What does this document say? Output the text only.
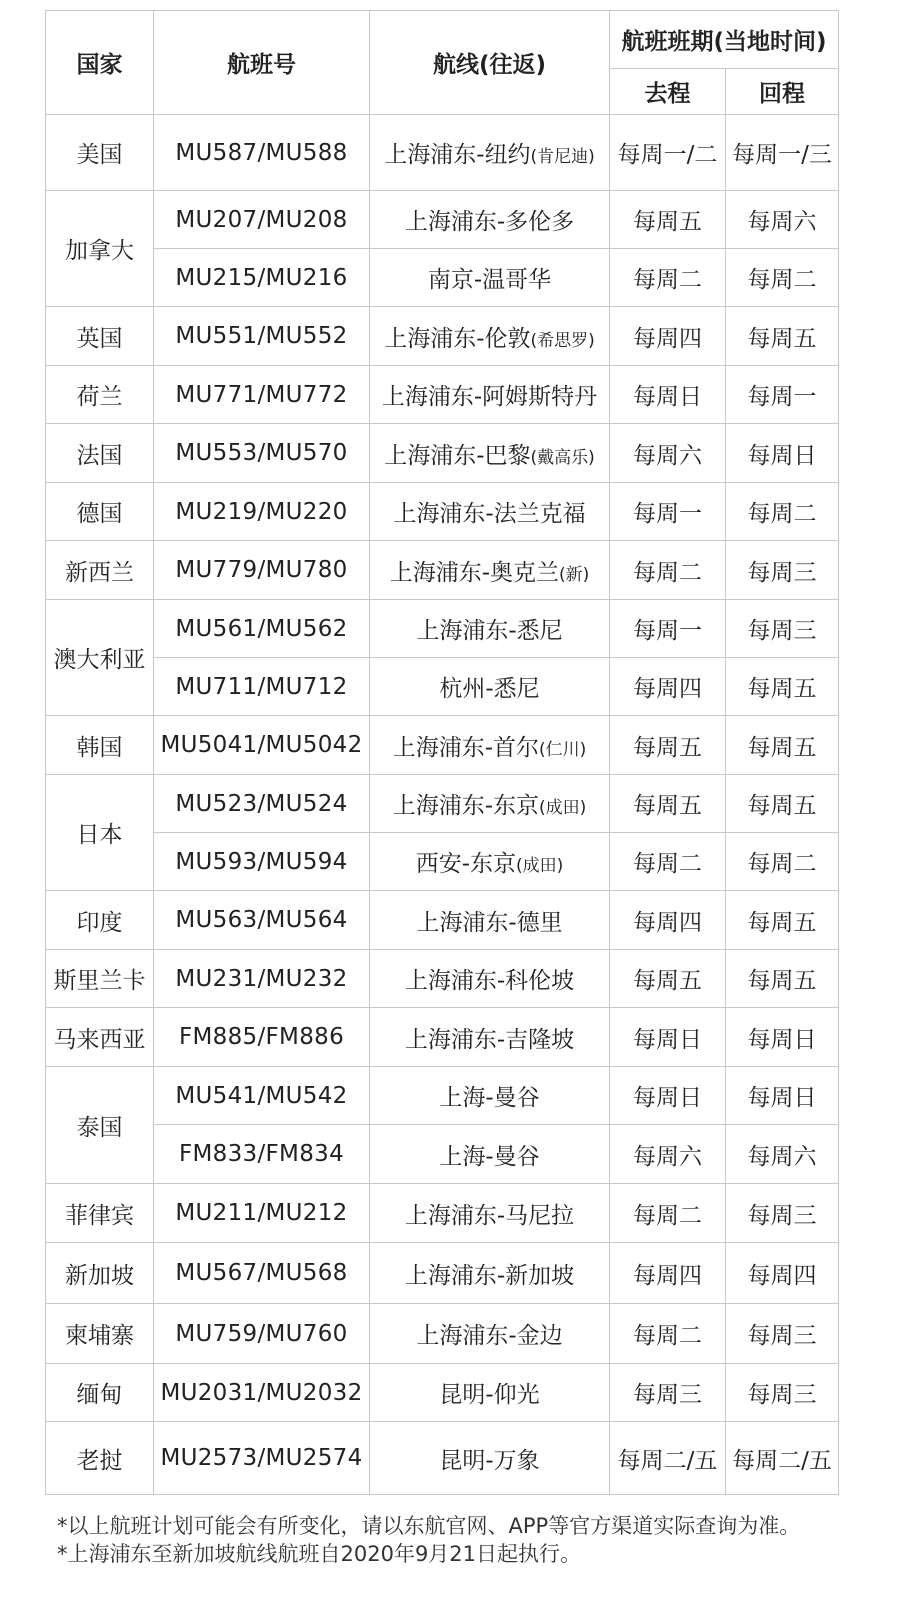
国家	航班号	航线(往返)	航班班期(当地时间)	
			去程	回程
美国	MU587/MU588	上海浦东-纽约(肯尼迪)	每周一/二	每周一/三
加拿大	MU207/MU208	上海浦东-多伦多	每周五	每周六
	MU215/MU216	南京-温哥华	每周二	每周二
英国	MU551/MU552	上海浦东-伦敦(希思罗)	每周四	每周五
荷兰	MU771/MU772	上海浦东-阿姆斯特丹	每周日	每周一
法国	MU553/MU570	上海浦东-巴黎(戴高乐)	每周六	每周日
德国	MU219/MU220	上海浦东-法兰克福	每周一	每周二
新西兰	MU779/MU780	上海浦东-奥克兰(新)	每周二	每周三
澳大利亚	MU561/MU562	上海浦东-悉尼	每周一	每周三
	MU711/MU712	杭州-悉尼	每周四	每周五
韩国	MU5041/MU5042	上海浦东-首尔(仁川)	每周五	每周五
日本	MU523/MU524	上海浦东-东京(成田)	每周五	每周五
	MU593/MU594	西安-东京(成田)	每周二	每周二
印度	MU563/MU564	上海浦东-德里	每周四	每周五
斯里兰卡	MU231/MU232	上海浦东-科伦坡	每周五	每周五
马来西亚	FM885/FM886	上海浦东-吉隆坡	每周日	每周日
泰国	MU541/MU542	上海-曼谷	每周日	每周日
	FM833/FM834	上海-曼谷	每周六	每周六
菲律宾	MU211/MU212	上海浦东-马尼拉	每周二	每周三
新加坡	MU567/MU568	上海浦东-新加坡	每周四	每周四
柬埔寨	MU759/MU760	上海浦东-金边	每周二	每周三
缅甸	MU2031/MU2032	昆明-仰光	每周三	每周三
老挝	MU2573/MU2574	昆明-万象	每周二/五	每周二/五
*以上航班计划可能会有所变化，请以东航官网、APP等官方渠道实际查询为准。
*上海浦东至新加坡航线航班自2020年9月21日起执行。
